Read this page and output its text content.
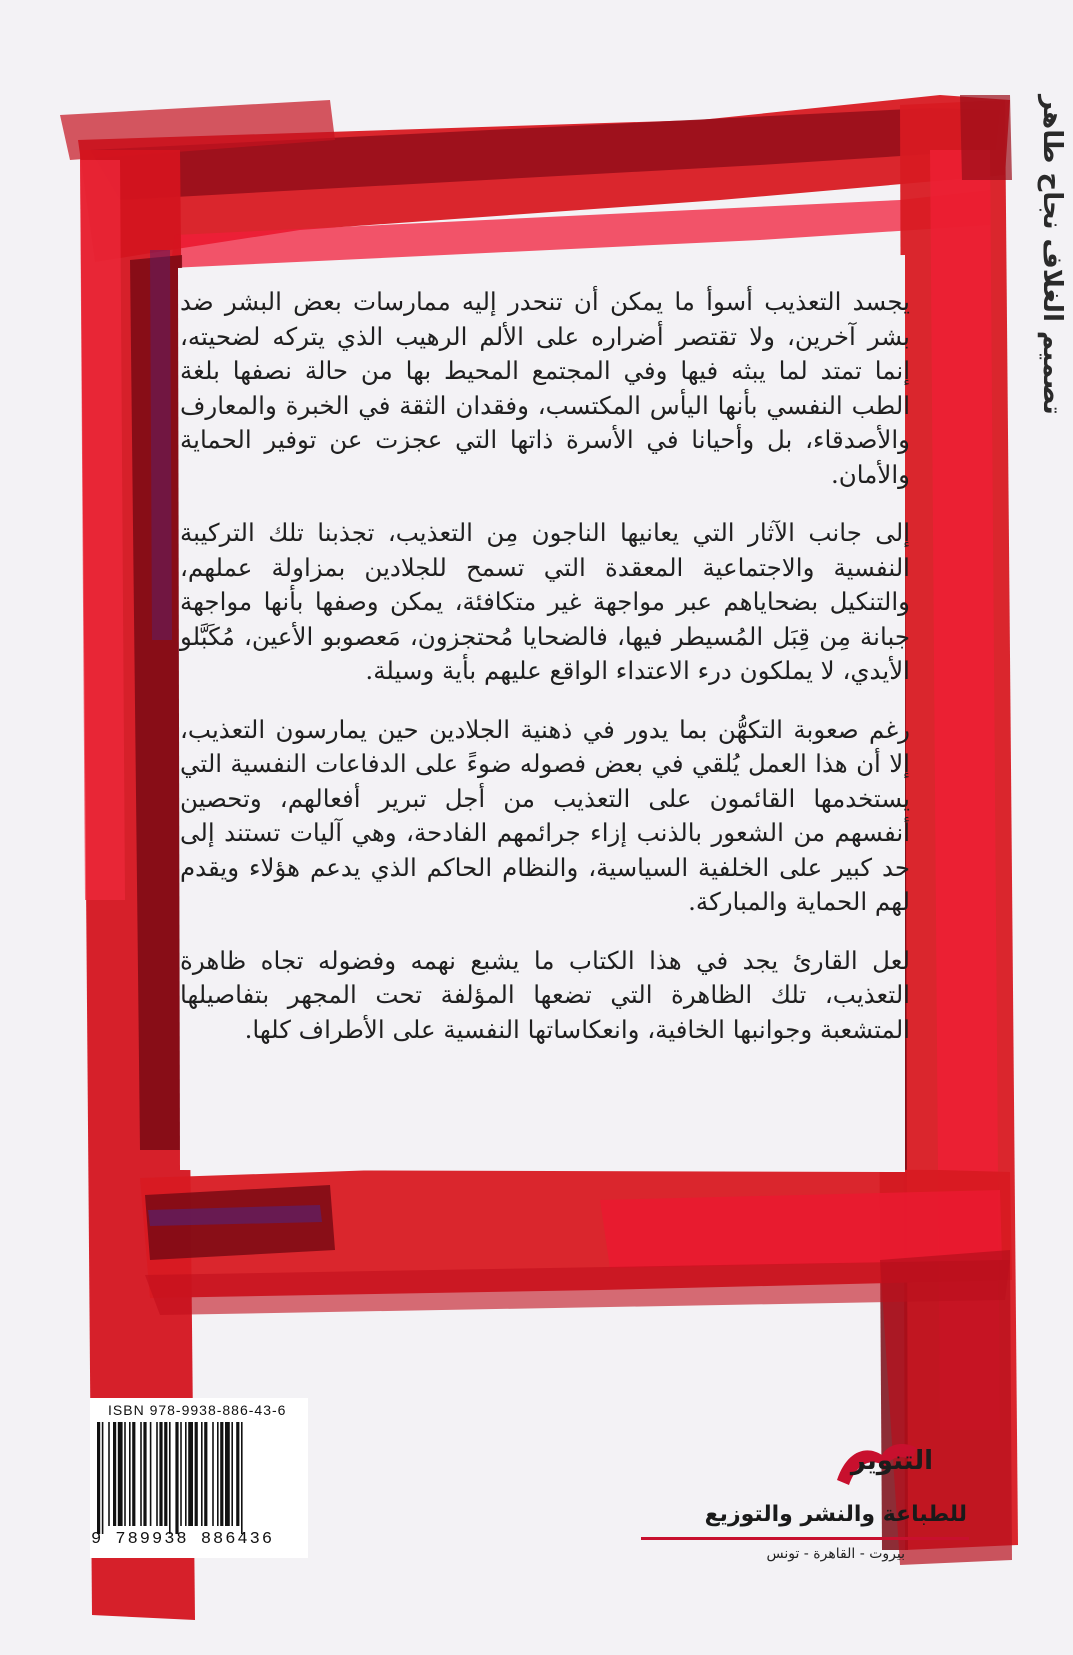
تصميم الغلاف نجاح طاهر

يجسد التعذيب أسوأ ما يمكن أن تنحدر إليه ممارسات بعض البشر ضد بشر آخرين، ولا تقتصر أضراره على الألم الرهيب الذي يتركه لضحيته، إنما تمتد لما يبثه فيها وفي المجتمع المحيط بها من حالة نصفها بلغة الطب النفسي بأنها اليأس المكتسب، وفقدان الثقة في الخبرة والمعارف والأصدقاء، بل وأحيانا في الأسرة ذاتها التي عجزت عن توفير الحماية والأمان.

إلى جانب الآثار التي يعانيها الناجون مِن التعذيب، تجذبنا تلك التركيبة النفسية والاجتماعية المعقدة التي تسمح للجلادين بمزاولة عملهم، والتنكيل بضحاياهم عبر مواجهة غير متكافئة، يمكن وصفها بأنها مواجهة جبانة مِن قِبَل المُسيطر فيها، فالضحايا مُحتجزون، مَعصوبو الأعين، مُكَبَّلو الأيدي، لا يملكون درء الاعتداء الواقع عليهم بأية وسيلة.

رغم صعوبة التكهُّن بما يدور في ذهنية الجلادين حين يمارسون التعذيب، إلا أن هذا العمل يُلقي في بعض فصوله ضوءً على الدفاعات النفسية التي يستخدمها القائمون على التعذيب من أجل تبرير أفعالهم، وتحصين أنفسهم من الشعور بالذنب إزاء جرائمهم الفادحة، وهي آليات تستند إلى حد كبير على الخلفية السياسية، والنظام الحاكم الذي يدعم هؤلاء ويقدم لهم الحماية والمباركة.

لعل القارئ يجد في هذا الكتاب ما يشبع نهمه وفضوله تجاه ظاهرة التعذيب، تلك الظاهرة التي تضعها المؤلفة تحت المجهر بتفاصيلها المتشعبة وجوانبها الخافية، وانعكاساتها النفسية على الأطراف كلها.

ISBN 978-9938-886-43-6
9 789938 886436
التنوير
للطباعة والنشر والتوزيع
بيروت - القاهرة - تونس
